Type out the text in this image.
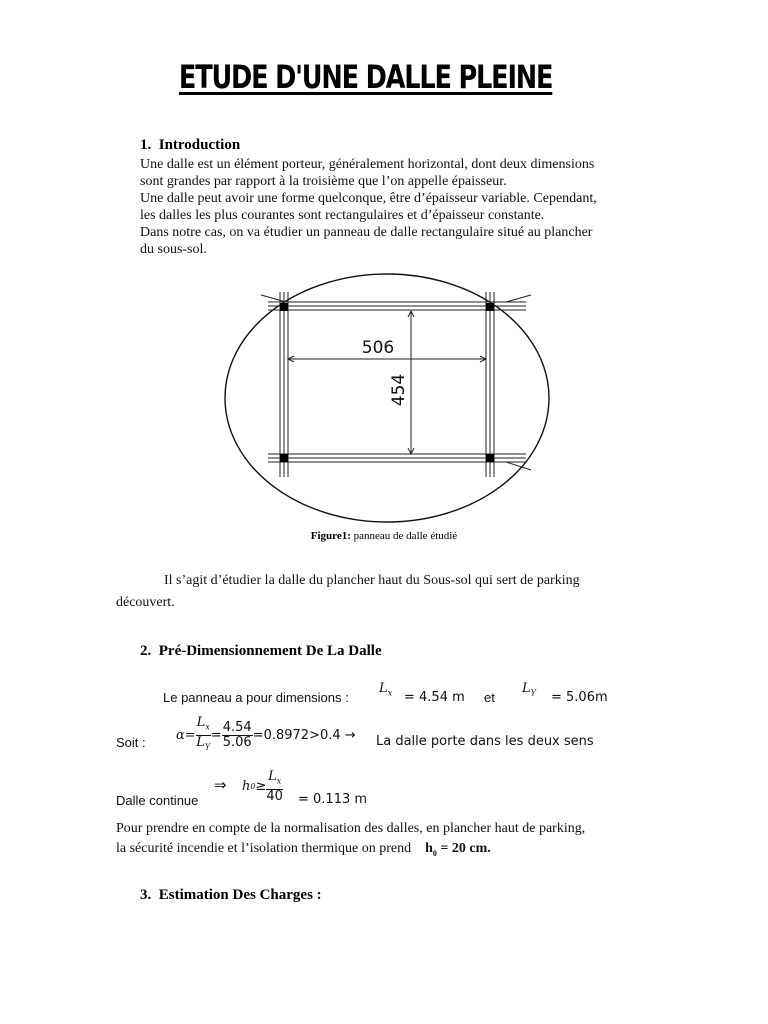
ETUDE D'UNE DALLE PLEINE
1. Introduction
Une dalle est un élément porteur, généralement horizontal, dont deux dimensions
sont grandes par rapport à la troisième que l’on appelle épaisseur.
Une dalle peut avoir une forme quelconque, être d’épaisseur variable. Cependant,
les dalles les plus courantes sont rectangulaires et d’épaisseur constante.
Dans notre cas, on va étudier un panneau de dalle rectangulaire situé au plancher
du sous-sol.
506
454
Figure1: panneau de dalle étudié
Il s’agit d’étudier la dalle du plancher haut du Sous-sol qui sert de parking
découvert.
2. Pré-Dimensionnement De La Dalle
Le panneau a pour dimensions :
$L_x = 4.54$ m et
$L_Y = 5.06m$
Soit : $\alpha= \frac{L_x}{L_Y} = \frac{4.54}{5.06} =0.8972>0.4 \to La$ dalle porte dans les deux sens
⇒ h $0 \ge \frac{L_x}{40}$
Dalle continue	= 0.113 m
Pour prendre en compte de la normalisation des dalles, en plancher haut de parking,
la sécurité incendie et l’isolation thermique on prend $h_0 = 20$ cm.
3. Estimation Des Charges :
